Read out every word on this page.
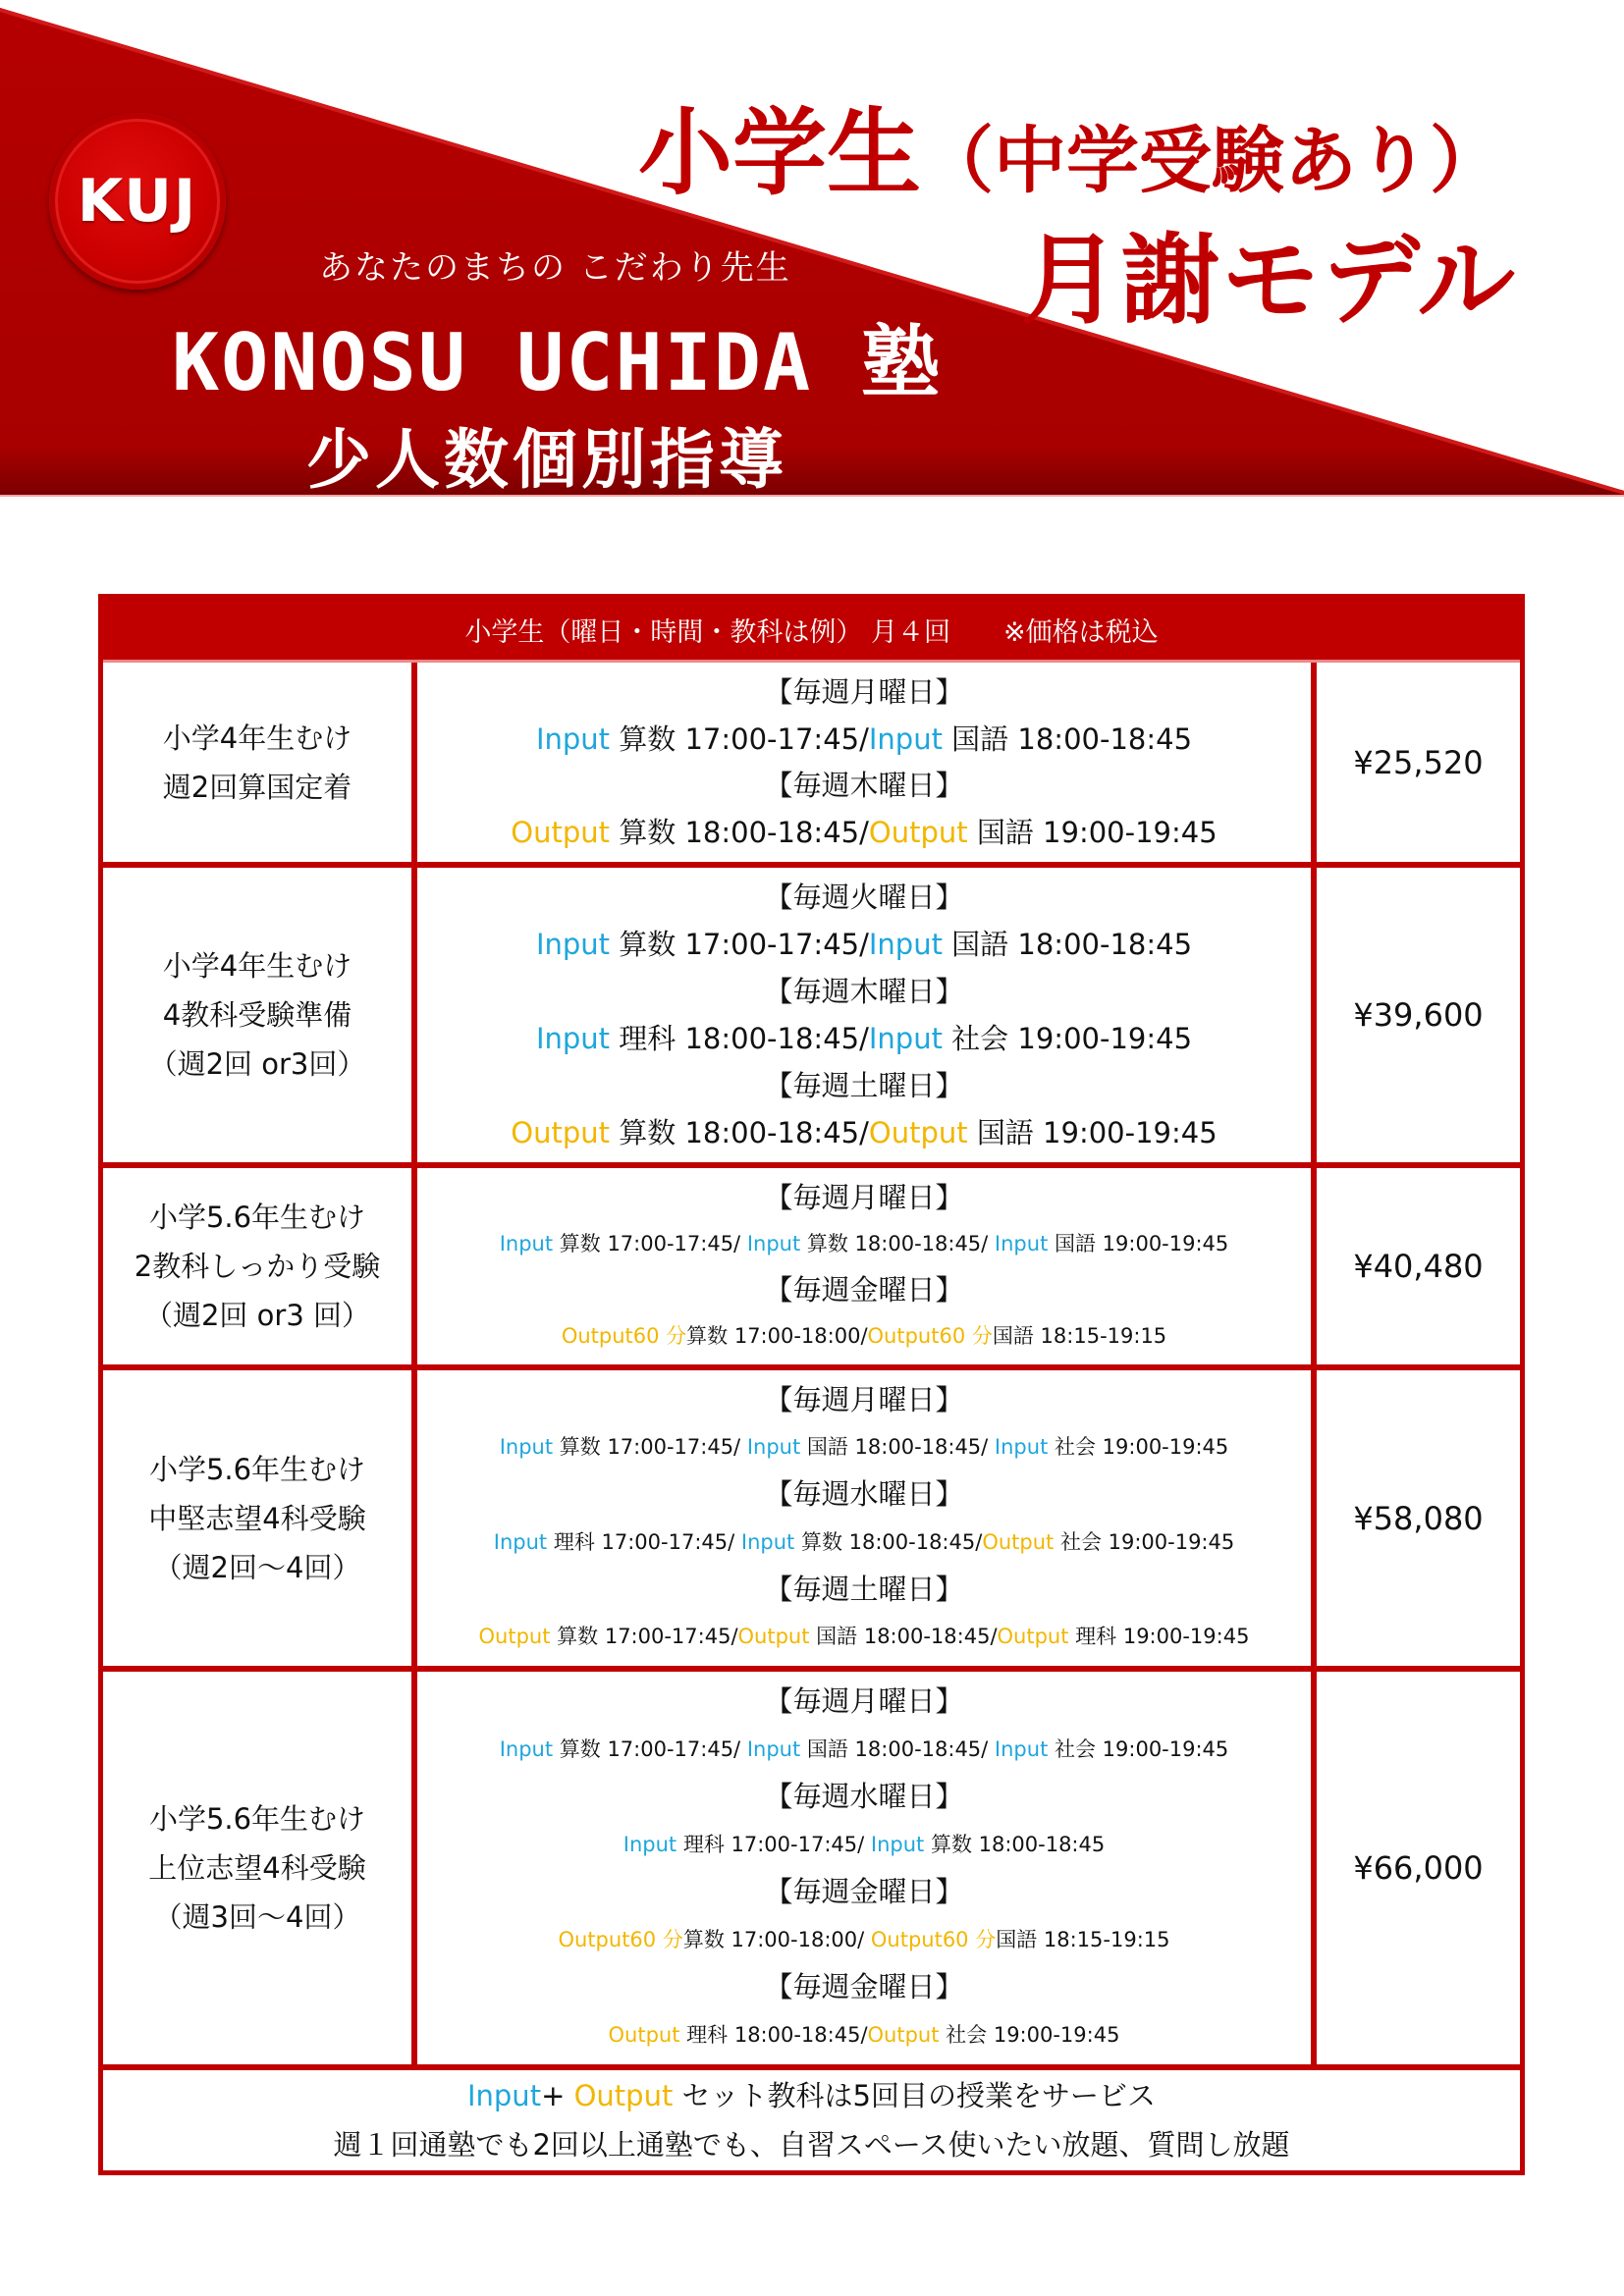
KUJ
あなたのまちの こだわり先生
KONOSU UCHIDA 塾
少人数個別指導
小学生（中学受験あり）
月謝モデル
小学生（曜日・時間・教科は例） 月４回　　※価格は税込
小学4年生むけ
週2回算国定着
【毎週月曜日】
Input 算数 17:00-17:45/Input 国語 18:00-18:45
【毎週木曜日】
Output 算数 18:00-18:45/Output 国語 19:00-19:45
¥25,520
小学4年生むけ
4教科受験準備
（週2回 or3回）
【毎週火曜日】
Input 算数 17:00-17:45/Input 国語 18:00-18:45
【毎週木曜日】
Input 理科 18:00-18:45/Input 社会 19:00-19:45
【毎週土曜日】
Output 算数 18:00-18:45/Output 国語 19:00-19:45
¥39,600
小学5.6年生むけ
2教科しっかり受験
（週2回 or3 回）
【毎週月曜日】
Input 算数 17:00-17:45/ Input 算数 18:00-18:45/ Input 国語 19:00-19:45
【毎週金曜日】
Output60 分算数 17:00-18:00/Output60 分国語 18:15-19:15
¥40,480
小学5.6年生むけ
中堅志望4科受験
（週2回～4回）
【毎週月曜日】
Input 算数 17:00-17:45/ Input 国語 18:00-18:45/ Input 社会 19:00-19:45
【毎週水曜日】
Input 理科 17:00-17:45/ Input 算数 18:00-18:45/Output 社会 19:00-19:45
【毎週土曜日】
Output 算数 17:00-17:45/Output 国語 18:00-18:45/Output 理科 19:00-19:45
¥58,080
小学5.6年生むけ
上位志望4科受験
（週3回～4回）
【毎週月曜日】
Input 算数 17:00-17:45/ Input 国語 18:00-18:45/ Input 社会 19:00-19:45
【毎週水曜日】
Input 理科 17:00-17:45/ Input 算数 18:00-18:45
【毎週金曜日】
Output60 分算数 17:00-18:00/ Output60 分国語 18:15-19:15
【毎週金曜日】
Output 理科 18:00-18:45/Output 社会 19:00-19:45
¥66,000
Input+ Output セット教科は5回目の授業をサービス
週１回通塾でも2回以上通塾でも、自習スペース使いたい放題、質問し放題
